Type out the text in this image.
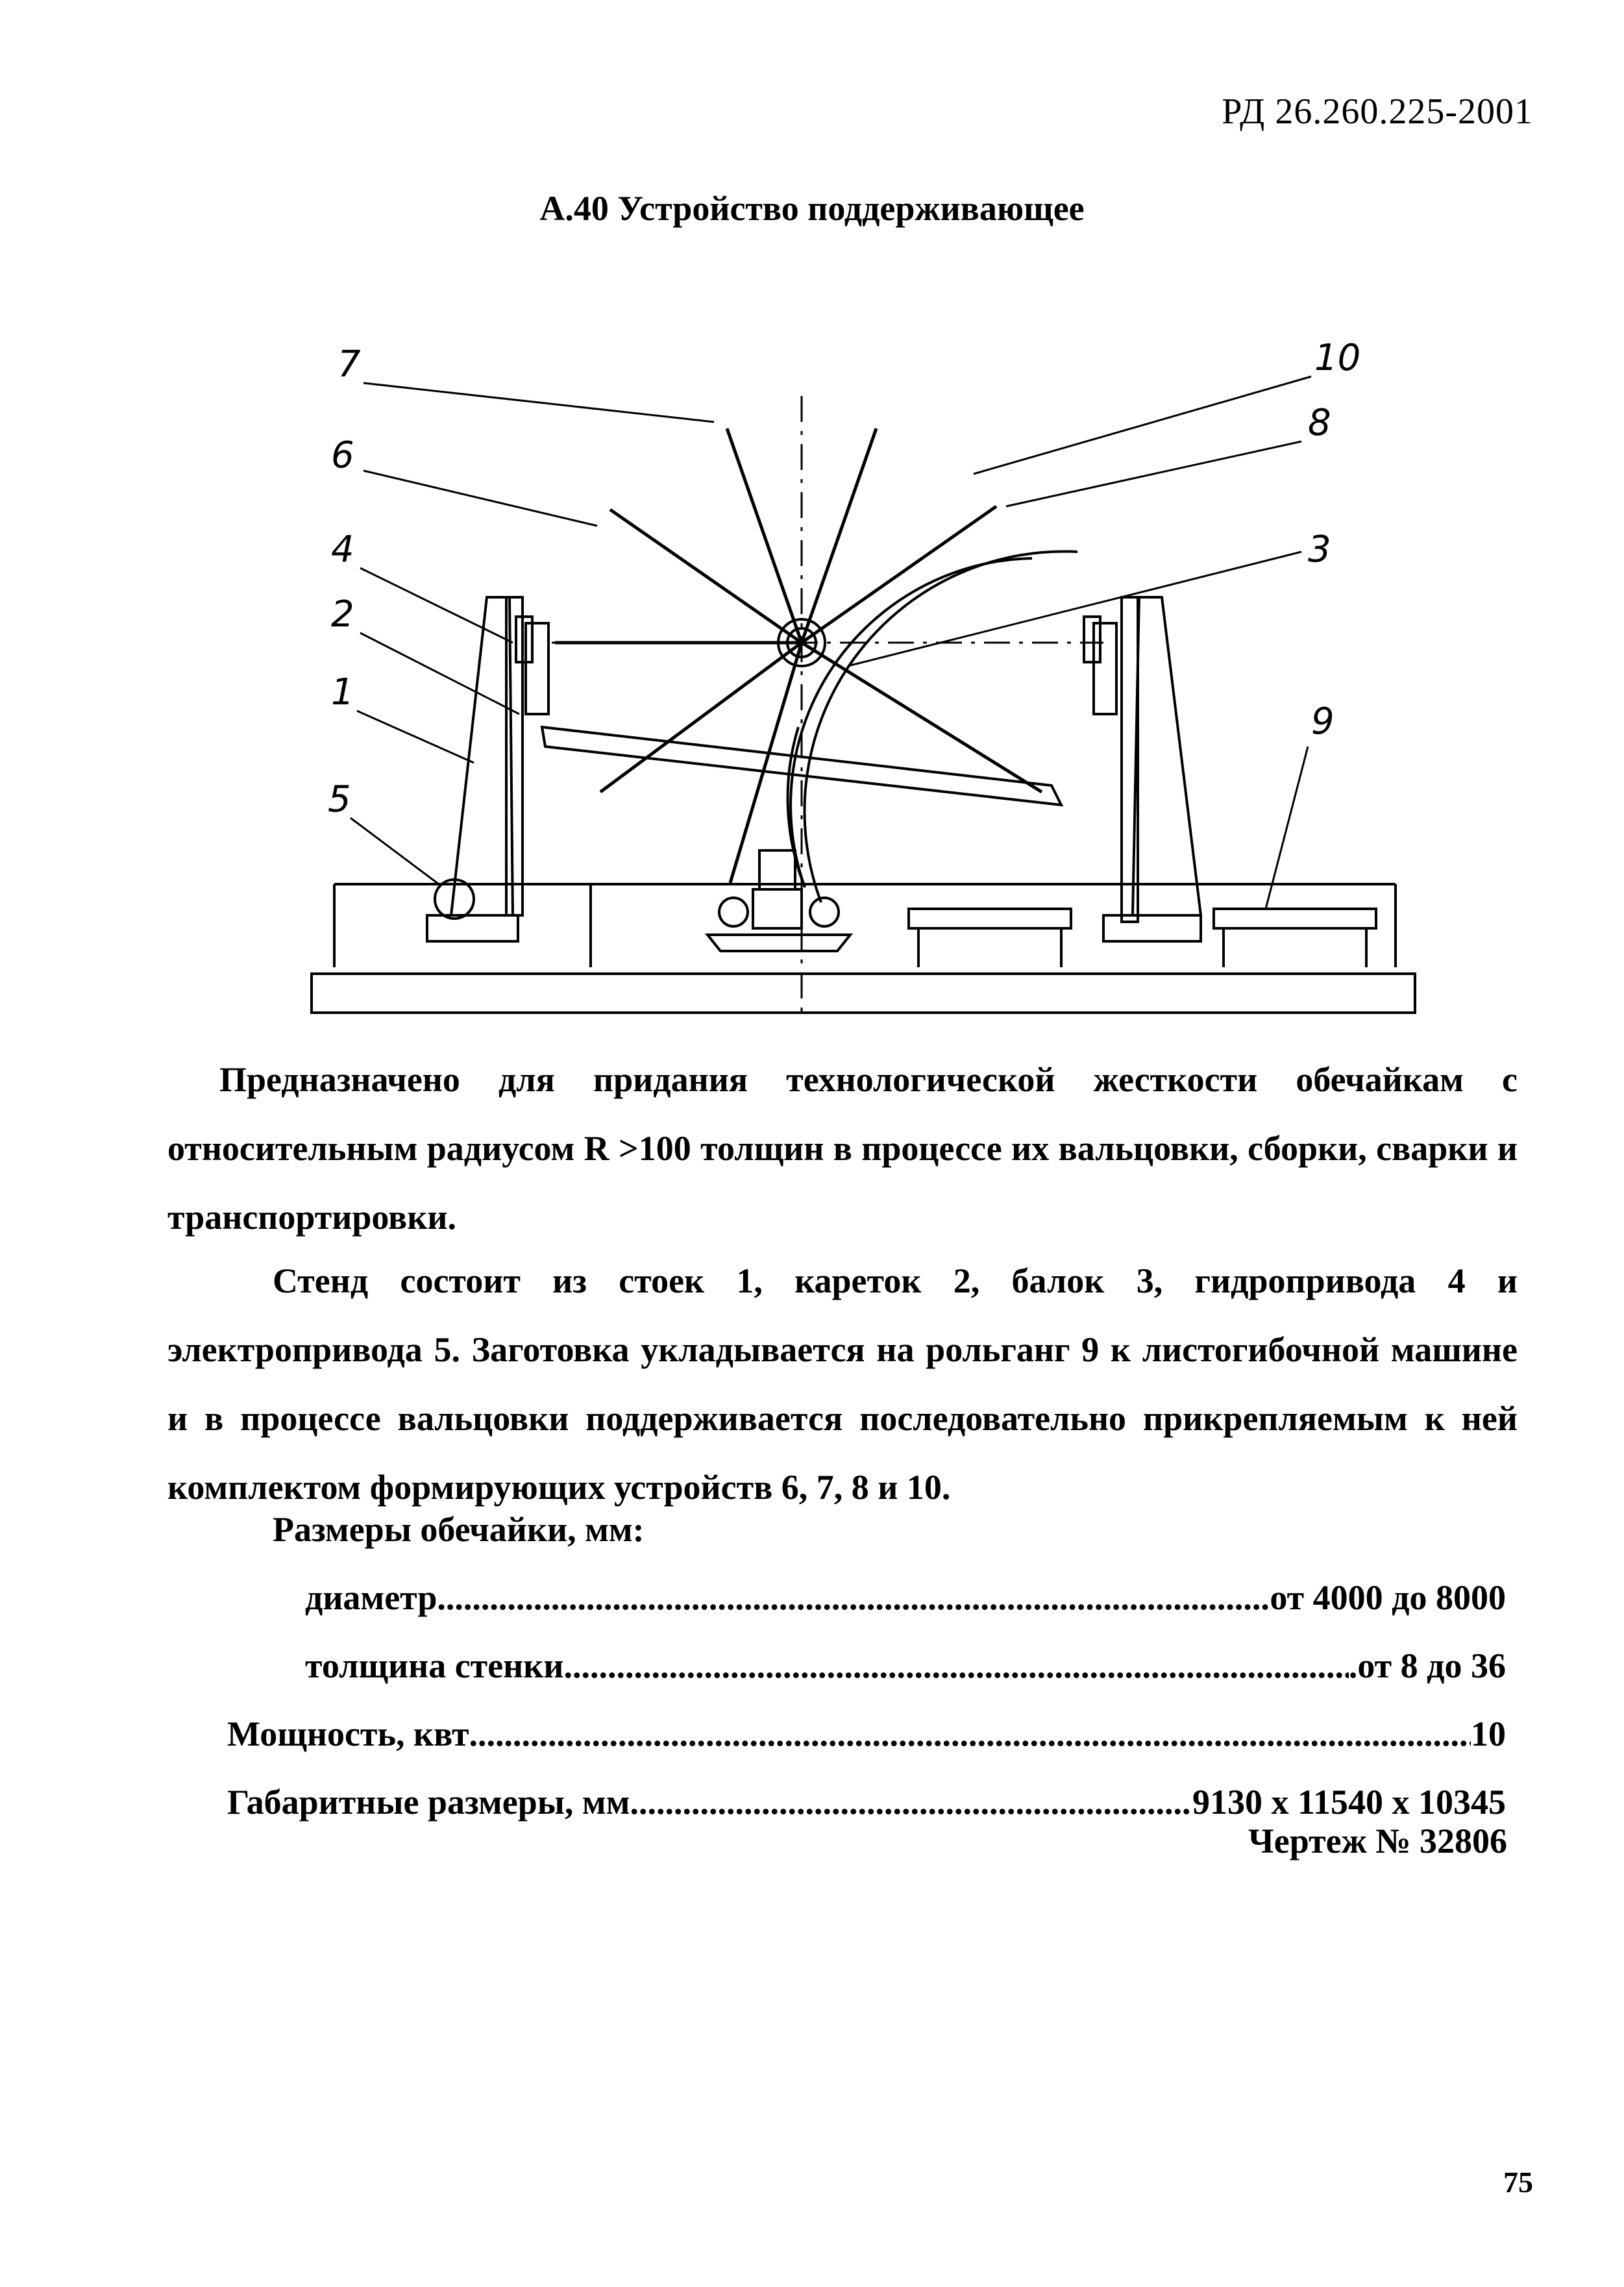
РД 26.260.225-2001
А.40 Устройство поддерживающее
7
6
4
2
1
5
10
8
3
9

Предназначено для придания технологической жесткости обечайкам с относительным радиусом R >100 толщин в процессе их вальцовки, сборки, сварки и транспортировки.

Стенд состоит из стоек 1, кареток 2, балок 3, гидропривода 4 и электропривода 5. Заготовка укладывается на рольганг 9 к листогибочной машине и в процессе вальцовки поддерживается последовательно прикрепляемым к ней комплектом формирующих устройств 6, 7, 8 и 10.

Размеры обечайки, мм:
диаметр .....	от 4000 до 8000
толщина стенки .....	.от 8 до 36
Мощность, квт .....	10
Габаритные размеры, мм .....	9130 х 11540 х 10345
Чертеж № 32806
75
